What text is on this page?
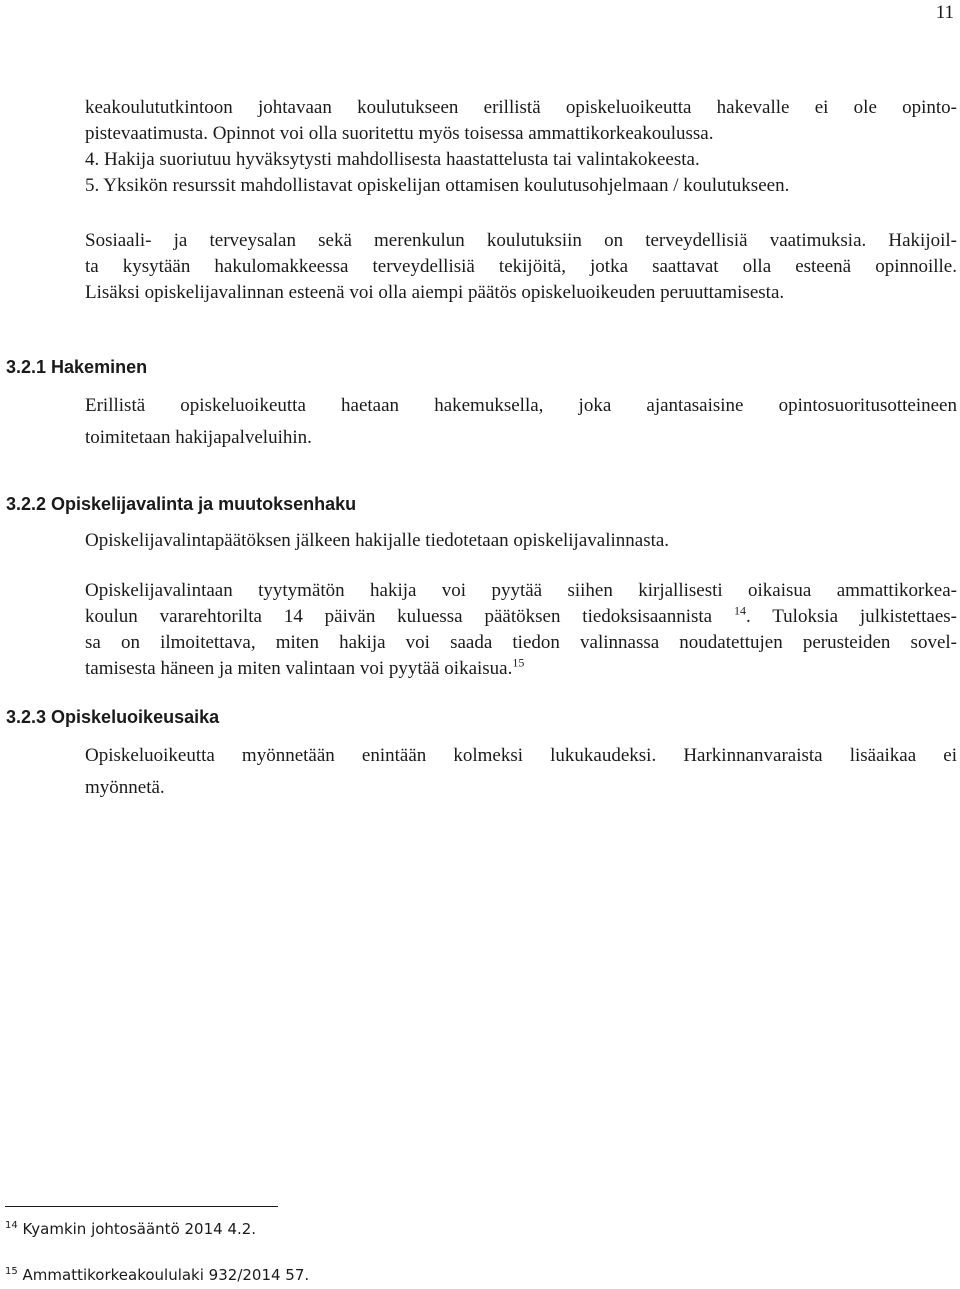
11
keakoulututkintoon johtavaan koulutukseen erillistä opiskeluoikeutta hakevalle ei ole opinto-
pistevaatimusta. Opinnot voi olla suoritettu myös toisessa ammattikorkeakoulussa.
4. Hakija suoriutuu hyväksytysti mahdollisesta haastattelusta tai valintakokeesta.
5. Yksikön resurssit mahdollistavat opiskelijan ottamisen koulutusohjelmaan / koulutukseen.
Sosiaali- ja terveysalan sekä merenkulun koulutuksiin on terveydellisiä vaatimuksia. Hakijoil-
ta kysytään hakulomakkeessa terveydellisiä tekijöitä, jotka saattavat olla esteenä opinnoille.
Lisäksi opiskelijavalinnan esteenä voi olla aiempi päätös opiskeluoikeuden peruuttamisesta.
3.2.1 Hakeminen
Erillistä opiskeluoikeutta haetaan hakemuksella, joka ajantasaisine opintosuoritusotteineen
toimitetaan hakijapalveluihin.
3.2.2 Opiskelijavalinta ja muutoksenhaku
Opiskelijavalintapäätöksen jälkeen hakijalle tiedotetaan opiskelijavalinnasta.
Opiskelijavalintaan tyytymätön hakija voi pyytää siihen kirjallisesti oikaisua ammattikorkea-
koulun vararehtorilta 14 päivän kuluessa päätöksen tiedoksisaannista $^{14}$. Tuloksia julkistettaes-
sa on ilmoitettava, miten hakija voi saada tiedon valinnassa noudatettujen perusteiden sovel-
tamisesta häneen ja miten valintaan voi pyytää oikaisua.$^{15}$
3.2.3 Opiskeluoikeusaika
Opiskeluoikeutta myönnetään enintään kolmeksi lukukaudeksi. Harkinnanvaraista lisäaikaa ei
myönnetä.
$^{14}$ Kyamkin johtosääntö 2014 4.2.
$^{15}$ Ammattikorkeakoululaki 932/2014 57.
